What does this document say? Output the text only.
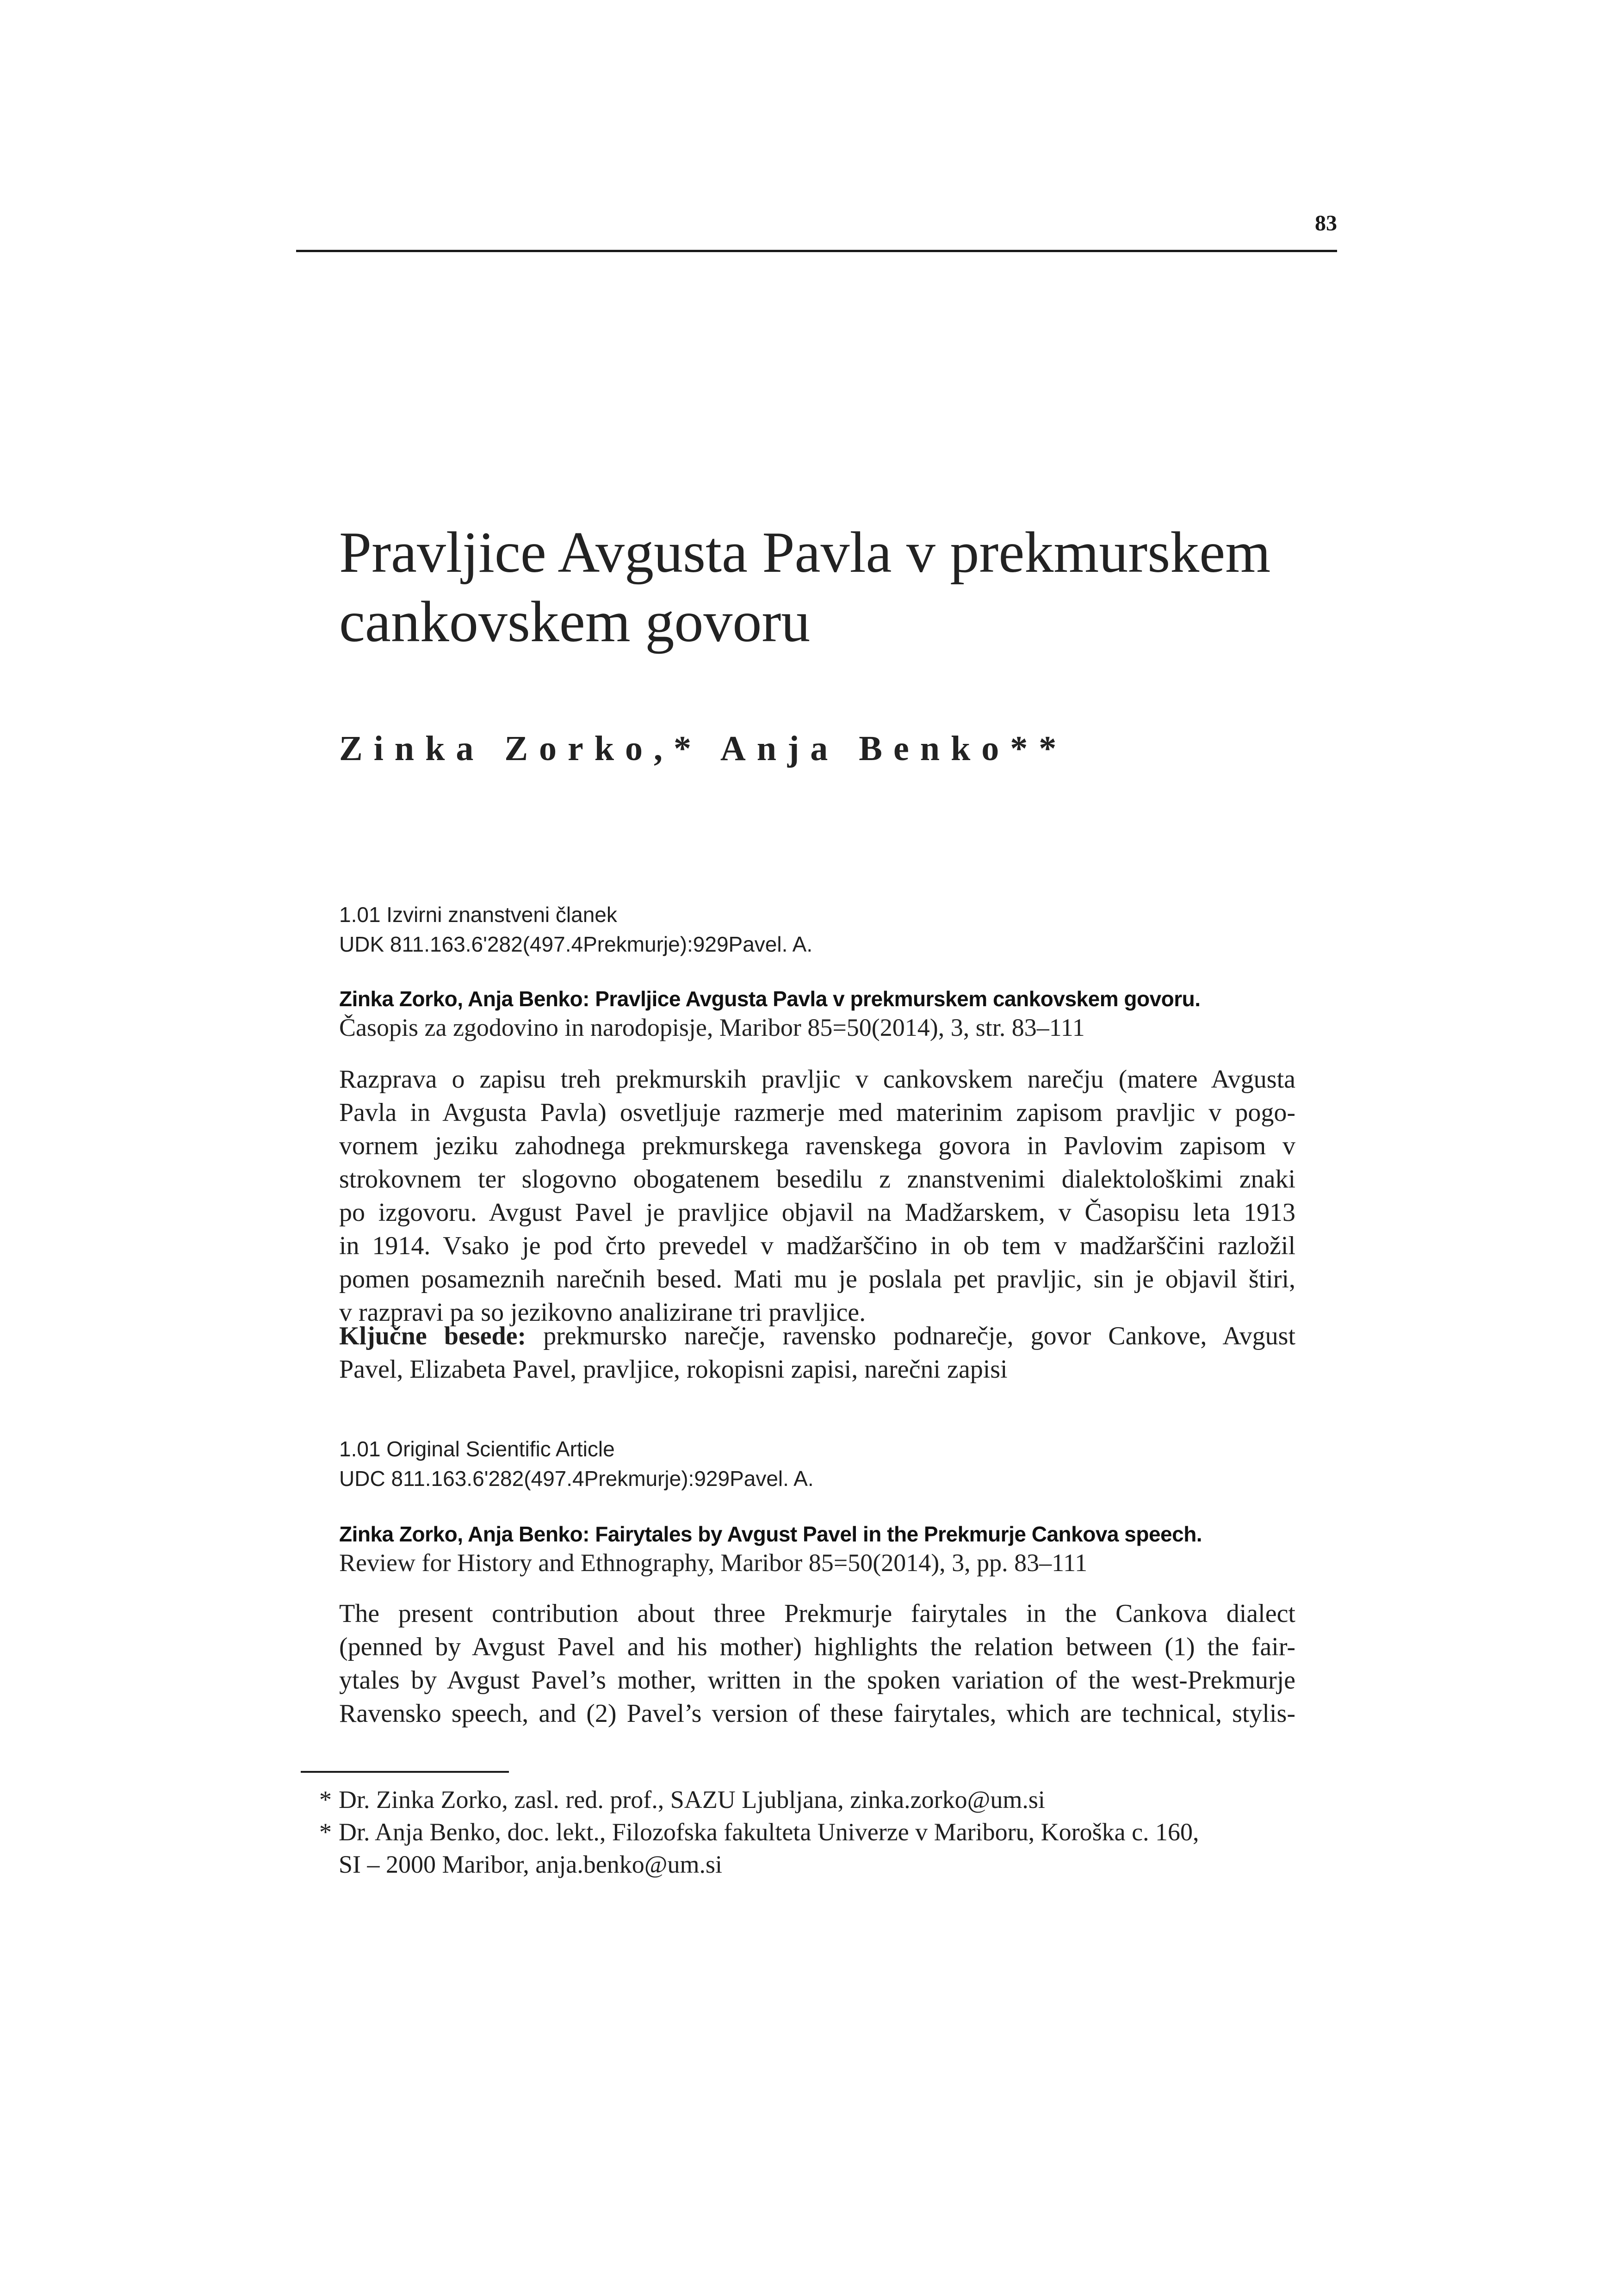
83
Pravljice Avgusta Pavla v prekmurskem
cankovskem govoru
Zinka Zorko,* Anja Benko**
1.01 Izvirni znanstveni članek
UDK 811.163.6'282(497.4Prekmurje):929Pavel. A.
Zinka Zorko, Anja Benko: Pravljice Avgusta Pavla v prekmurskem cankovskem govoru.
Časopis za zgodovino in narodopisje, Maribor 85=50(2014), 3, str. 83–111
Razprava o zapisu treh prekmurskih pravljic v cankovskem narečju (matere Avgusta
Pavla in Avgusta Pavla) osvetljuje razmerje med materinim zapisom pravljic v pogo-
vornem jeziku zahodnega prekmurskega ravenskega govora in Pavlovim zapisom v
strokovnem ter slogovno obogatenem besedilu z znanstvenimi dialektološkimi znaki
po izgovoru. Avgust Pavel je pravljice objavil na Madžarskem, v Časopisu leta 1913
in 1914. Vsako je pod črto prevedel v madžarščino in ob tem v madžarščini razložil
pomen posameznih narečnih besed. Mati mu je poslala pet pravljic, sin je objavil štiri,
v razpravi pa so jezikovno analizirane tri pravljice.
Ključne besede: prekmursko narečje, ravensko podnarečje, govor Cankove, Avgust
Pavel, Elizabeta Pavel, pravljice, rokopisni zapisi, narečni zapisi
1.01 Original Scientific Article
UDC 811.163.6'282(497.4Prekmurje):929Pavel. A.
Zinka Zorko, Anja Benko: Fairytales by Avgust Pavel in the Prekmurje Cankova speech.
Review for History and Ethnography, Maribor 85=50(2014), 3, pp. 83–111
The present contribution about three Prekmurje fairytales in the Cankova dialect
(penned by Avgust Pavel and his mother) highlights the relation between (1) the fair-
ytales by Avgust Pavel’s mother, written in the spoken variation of the west-Prekmurje
Ravensko speech, and (2) Pavel’s version of these fairytales, which are technical, stylis-
* Dr. Zinka Zorko, zasl. red. prof., SAZU Ljubljana, zinka.zorko@um.si
* Dr. Anja Benko, doc. lekt., Filozofska fakulteta Univerze v Mariboru, Koroška c. 160,
SI – 2000 Maribor, anja.benko@um.si
